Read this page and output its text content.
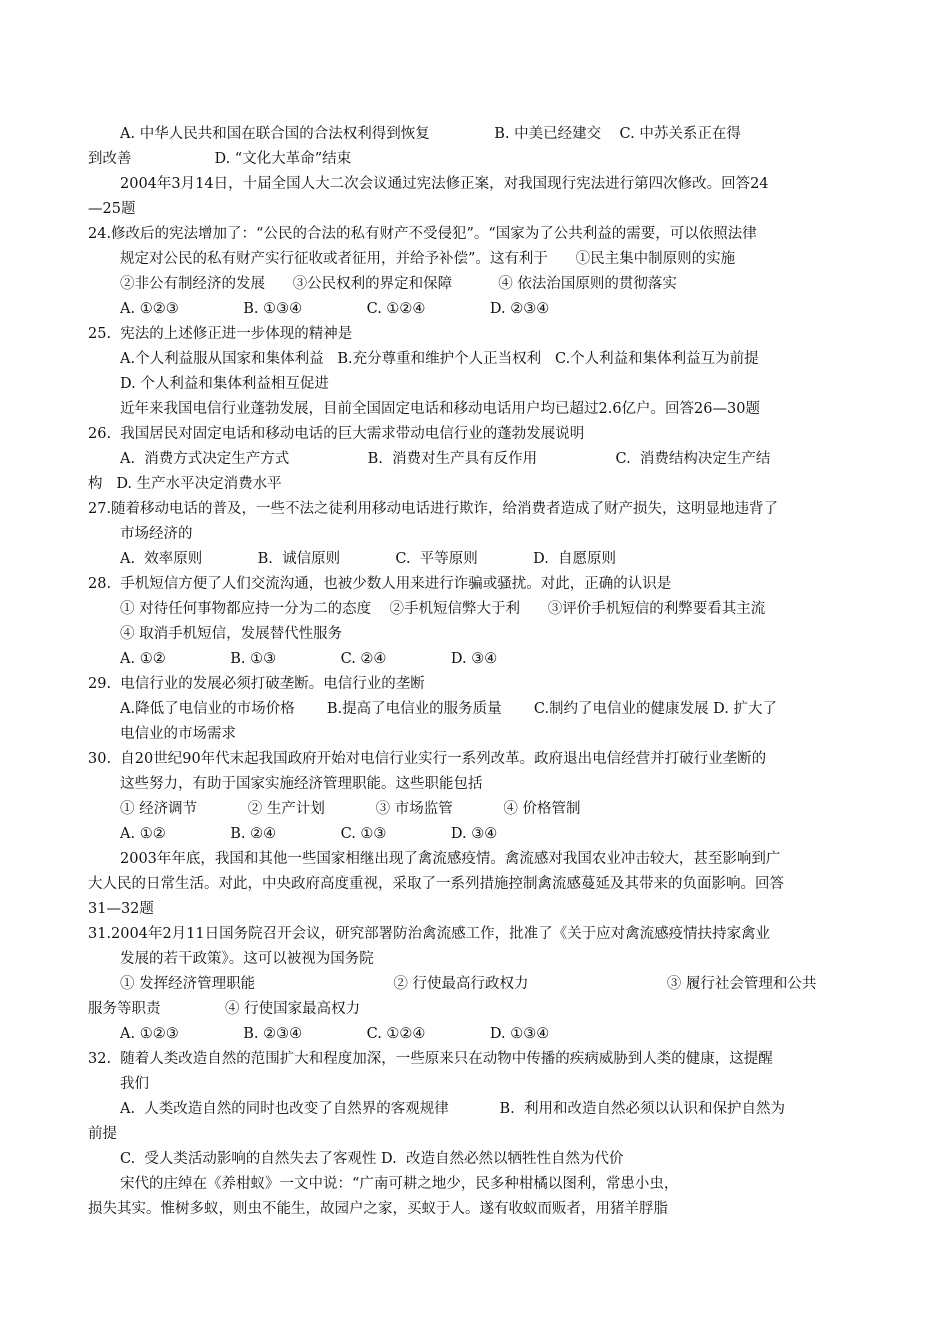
A. 中华人民共和国在联合国的合法权利得到恢复              B. 中美已经建交    C. 中苏关系正在得
到改善                  D. “文化大革命”结束
2004年3月14日，十届全国人大二次会议通过宪法修正案，对我国现行宪法进行第四次修改。回答24
—25题
24.修改后的宪法增加了：“公民的合法的私有财产不受侵犯”。“国家为了公共利益的需要，可以依照法律
规定对公民的私有财产实行征收或者征用，并给予补偿”。这有利于      ①民主集中制原则的实施
②非公有制经济的发展      ③公民权利的界定和保障          ④ 依法治国原则的贯彻落实
A. ①②③              B. ①③④              C. ①②④              D. ②③④
25.  宪法的上述修正进一步体现的精神是
A.个人利益服从国家和集体利益   B.充分尊重和维护个人正当权利   C.个人利益和集体利益互为前提
D. 个人利益和集体利益相互促进
近年来我国电信行业蓬勃发展，目前全国固定电话和移动电话用户均已超过2.6亿户。回答26—30题
26.  我国居民对固定电话和移动电话的巨大需求带动电信行业的蓬勃发展说明
A.  消费方式决定生产方式                 B.  消费对生产具有反作用                 C.  消费结构决定生产结
构   D. 生产水平决定消费水平
27.随着移动电话的普及，一些不法之徒利用移动电话进行欺诈，给消费者造成了财产损失，这明显地违背了
市场经济的
A.  效率原则            B.  诚信原则            C.  平等原则            D.  自愿原则
28.  手机短信方便了人们交流沟通，也被少数人用来进行诈骗或骚扰。对此，正确的认识是
① 对待任何事物都应持一分为二的态度    ②手机短信弊大于利      ③评价手机短信的利弊要看其主流
④ 取消手机短信，发展替代性服务
A. ①②              B. ①③              C. ②④              D. ③④
29.  电信行业的发展必须打破垄断。电信行业的垄断
A.降低了电信业的市场价格       B.提高了电信业的服务质量       C.制约了电信业的健康发展 D. 扩大了
电信业的市场需求
30.  自20世纪90年代末起我国政府开始对电信行业实行一系列改革。政府退出电信经营并打破行业垄断的
这些努力，有助于国家实施经济管理职能。这些职能包括
① 经济调节           ② 生产计划           ③ 市场监管           ④ 价格管制
A. ①②              B. ②④              C. ①③              D. ③④
2003年年底，我国和其他一些国家相继出现了禽流感疫情。禽流感对我国农业冲击较大，甚至影响到广
大人民的日常生活。对此，中央政府高度重视，采取了一系列措施控制禽流感蔓延及其带来的负面影响。回答
31—32题
31.2004年2月11日国务院召开会议，研究部署防治禽流感工作，批准了《关于应对禽流感疫情扶持家禽业
发展的若干政策》。这可以被视为国务院
① 发挥经济管理职能                              ② 行使最高行政权力                              ③ 履行社会管理和公共
服务等职责              ④ 行使国家最高权力
A. ①②③              B. ②③④              C. ①②④              D. ①③④
32.  随着人类改造自然的范围扩大和程度加深，一些原来只在动物中传播的疾病威胁到人类的健康，这提醒
我们
A.  人类改造自然的同时也改变了自然界的客观规律           B.  利用和改造自然必须以认识和保护自然为
前提
C.  受人类活动影响的自然失去了客观性 D.  改造自然必然以牺牲性自然为代价
宋代的庄绰在《养柑蚁》一文中说：“广南可耕之地少，民多种柑橘以图利，常患小虫，
损失其实。惟树多蚁，则虫不能生，故园户之家，买蚁于人。遂有收蚁而贩者，用猪羊脬脂
